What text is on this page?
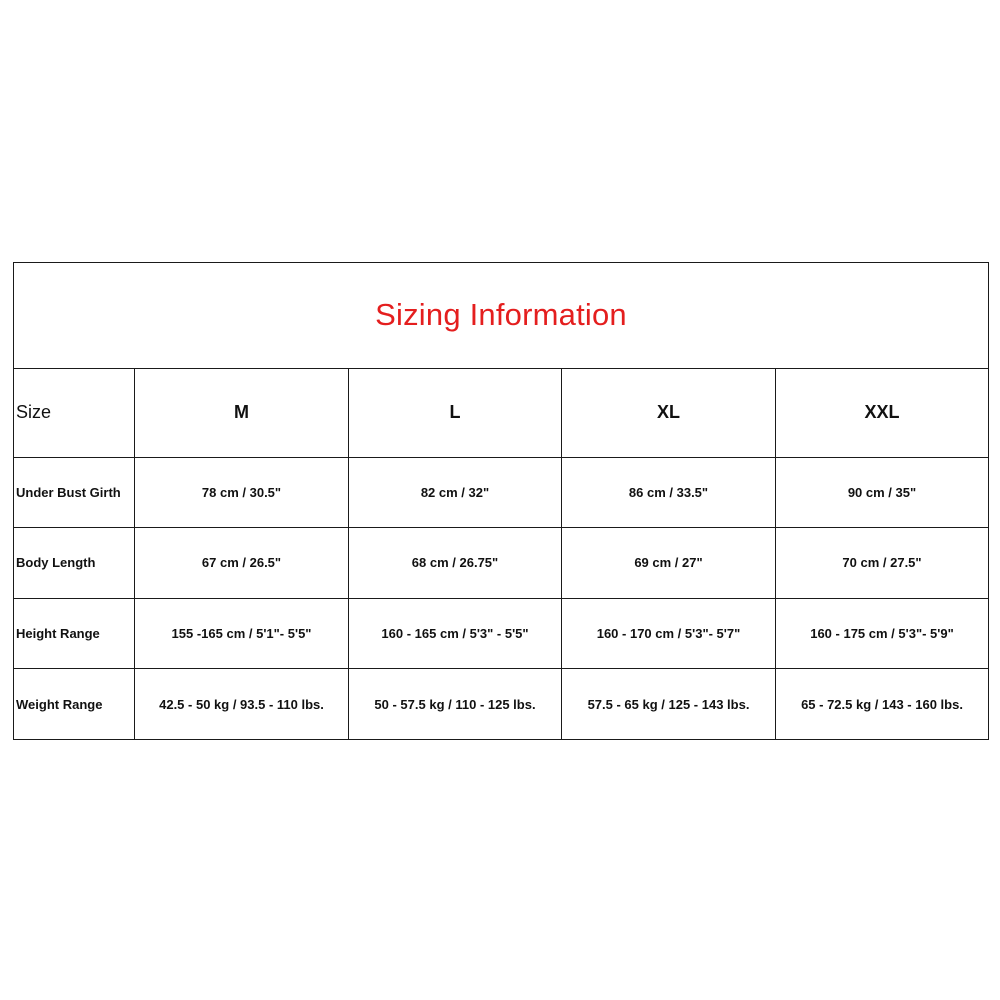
Sizing Information				
Size	M	L	XL	XXL
Under Bust Girth	78 cm / 30.5"	82 cm / 32"	86 cm / 33.5"	90 cm / 35"
Body Length	67 cm / 26.5"	68 cm / 26.75"	69 cm / 27"	70 cm / 27.5"
Height Range	155 -165 cm / 5'1"- 5'5"	160 - 165 cm / 5'3" - 5'5"	160 - 170 cm / 5'3"- 5'7"	160 - 175 cm / 5'3"- 5'9"
Weight Range	42.5 - 50 kg / 93.5 - 110 lbs.	50 - 57.5 kg / 110 - 125 lbs.	57.5 - 65 kg / 125 - 143 lbs.	65 - 72.5 kg / 143 - 160 lbs.
